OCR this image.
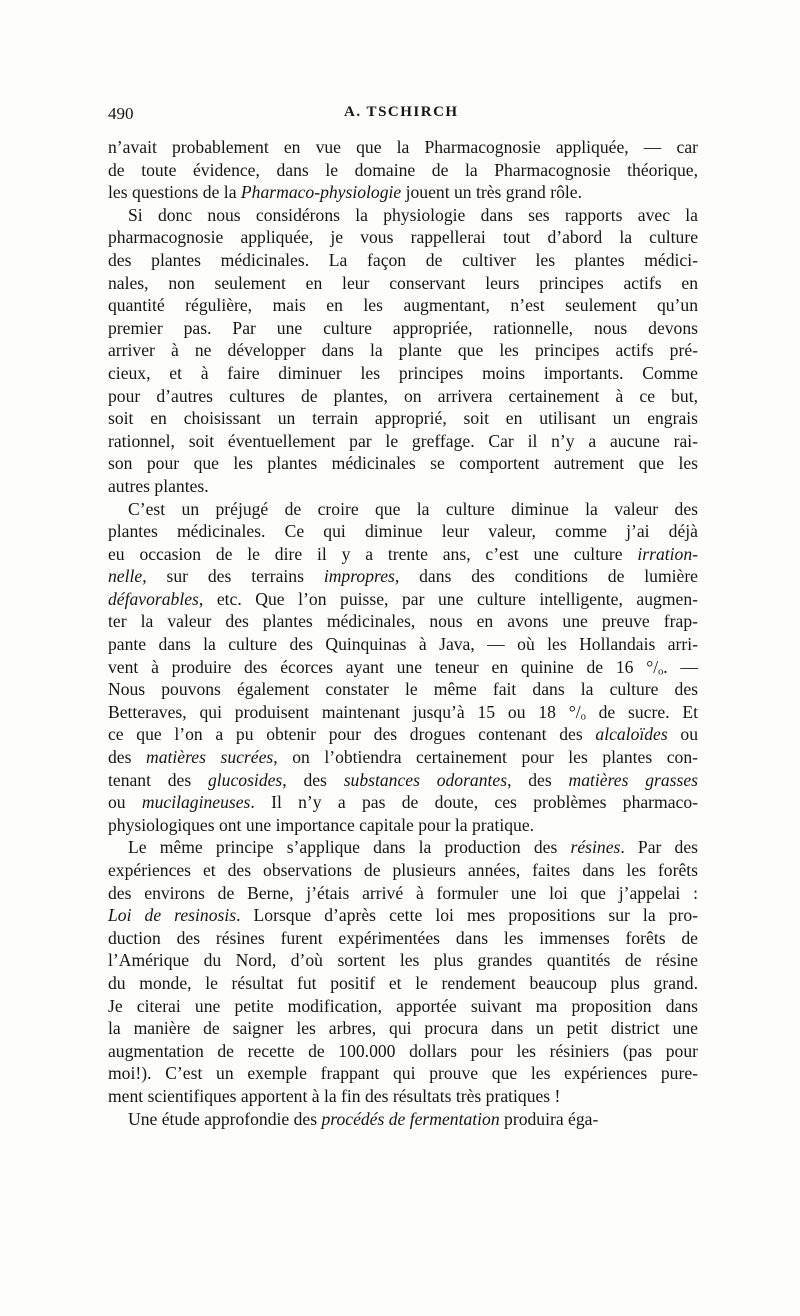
490	A. TSCHIRCH
n’avait probablement en vue que la Pharmacognosie appliquée, — car
de toute évidence, dans le domaine de la Pharmacognosie théorique,
les questions de la Pharmaco-physiologie jouent un très grand rôle.
Si donc nous considérons la physiologie dans ses rapports avec la
pharmacognosie appliquée, je vous rappellerai tout d’abord la culture
des plantes médicinales. La façon de cultiver les plantes médici-
nales, non seulement en leur conservant leurs principes actifs en
quantité régulière, mais en les augmentant, n’est seulement qu’un
premier pas. Par une culture appropriée, rationnelle, nous devons
arriver à ne développer dans la plante que les principes actifs pré-
cieux, et à faire diminuer les principes moins importants. Comme
pour d’autres cultures de plantes, on arrivera certainement à ce but,
soit en choisissant un terrain approprié, soit en utilisant un engrais
rationnel, soit éventuellement par le greffage. Car il n’y a aucune rai-
son pour que les plantes médicinales se comportent autrement que les
autres plantes.
C’est un préjugé de croire que la culture diminue la valeur des
plantes médicinales. Ce qui diminue leur valeur, comme j’ai déjà
eu occasion de le dire il y a trente ans, c’est une culture irration-
nelle, sur des terrains impropres, dans des conditions de lumière
défavorables, etc. Que l’on puisse, par une culture intelligente, augmen-
ter la valeur des plantes médicinales, nous en avons une preuve frap-
pante dans la culture des Quinquinas à Java, — où les Hollandais arri-
vent à produire des écorces ayant une teneur en quinine de 16 °/ₒ. —
Nous pouvons également constater le même fait dans la culture des
Betteraves, qui produisent maintenant jusqu’à 15 ou 18 °/ₒ de sucre. Et
ce que l’on a pu obtenir pour des drogues contenant des alcaloïdes ou
des matières sucrées, on l’obtiendra certainement pour les plantes con-
tenant des glucosides, des substances odorantes, des matières grasses
ou mucilagineuses. Il n’y a pas de doute, ces problèmes pharmaco-
physiologiques ont une importance capitale pour la pratique.
Le même principe s’applique dans la production des résines. Par des
expériences et des observations de plusieurs années, faites dans les forêts
des environs de Berne, j’étais arrivé à formuler une loi que j’appelai :
Loi de resinosis. Lorsque d’après cette loi mes propositions sur la pro-
duction des résines furent expérimentées dans les immenses forêts de
l’Amérique du Nord, d’où sortent les plus grandes quantités de résine
du monde, le résultat fut positif et le rendement beaucoup plus grand.
Je citerai une petite modification, apportée suivant ma proposition dans
la manière de saigner les arbres, qui procura dans un petit district une
augmentation de recette de 100.000 dollars pour les résiniers (pas pour
moi!). C’est un exemple frappant qui prouve que les expériences pure-
ment scientifiques apportent à la fin des résultats très pratiques !
Une étude approfondie des procédés de fermentation produira éga-
